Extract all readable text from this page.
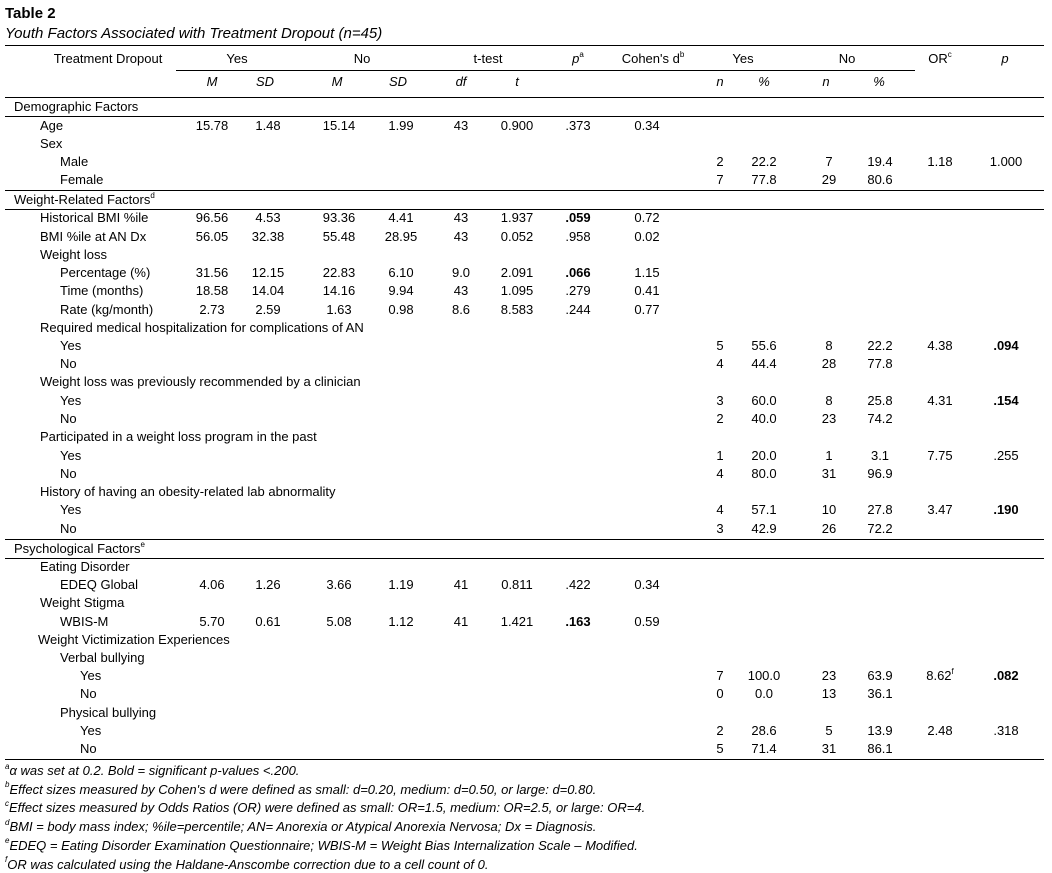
Table 2
Youth Factors Associated with Treatment Dropout (n=45)
Treatment Dropout	Yes	No	t-test	$p^a$	Cohen's $d^b$	Yes	No	$OR^c$	p
M	SD	M	SD	df	t	n	%	n	%
Demographic Factors
Weight-Related Factors$^d$
Psychological Factors$^e$
Age	15.78 1.48	15.14	1.99	43 0.900 .373	0.34
Sex
Male	2 22.2	7	19.4	1.18	1.000
Female	7 77.8	29 80.6
Historical BMI %ile	96.56 4.53	93.36	4.41	43 1.937 .059	0.72
BMI %ile at AN Dx	56.05 32.38	55.48 28.95	43 0.052 .958	0.02
Weight loss
Percentage (%)	31.56 12.15	22.83	6.10	9.0 2.091 .066	1.15
Time (months)	18.58 14.04	14.16	9.94	43 1.095 .279	0.41
Rate (kg/month)	2.73 2.59	1.63	0.98	8.6 8.583 .244	0.77
Required medical hospitalization for complications of AN
Yes	5 55.6	8	22.2	4.38	.094
No	4 44.4	28 77.8
Weight loss was previously recommended by a clinician
Yes	3 60.0	8	25.8	4.31	.154
No	2 40.0	23 74.2
Participated in a weight loss program in the past
Yes	1 20.0	1	3.1	7.75	.255
No	4 80.0	31 96.9
History of having an obesity-related lab abnormality
Yes	4 57.1	10 27.8	3.47	.190
No	3 42.9	26 72.2
Eating Disorder
EDEQ Global	4.06 1.26	3.66	1.19	41	0.811	.422	0.34
Weight Stigma
WBIS-M	5.70 0.61	5.08	1.12	41 1.421 .163	0.59
Weight Victimization Experiences
Verbal bullying
Yes	7 100.0	23 63.9	8.62$^f$	.082
No	0 0.0	13 36.1
Physical bullying
Yes	2 28.6	5	13.9	2.48	.318
No	5 71.4	31 86.1
$^a$α was set at 0.2. Bold = significant p-values <.200.
$^b$Effect sizes measured by Cohen's d were defined as small: d=0.20, medium: d=0.50, or large: d=0.80.
$^c$Effect sizes measured by Odds Ratios (OR) were defined as small: OR=1.5, medium: OR=2.5, or large: OR=4.
$^d$BMI = body mass index; %ile=percentile; AN= Anorexia or Atypical Anorexia Nervosa; Dx = Diagnosis.
$^e$EDEQ = Eating Disorder Examination Questionnaire; WBIS-M = Weight Bias Internalization Scale – Modified.
$^f$OR was calculated using the Haldane-Anscombe correction due to a cell count of 0.
